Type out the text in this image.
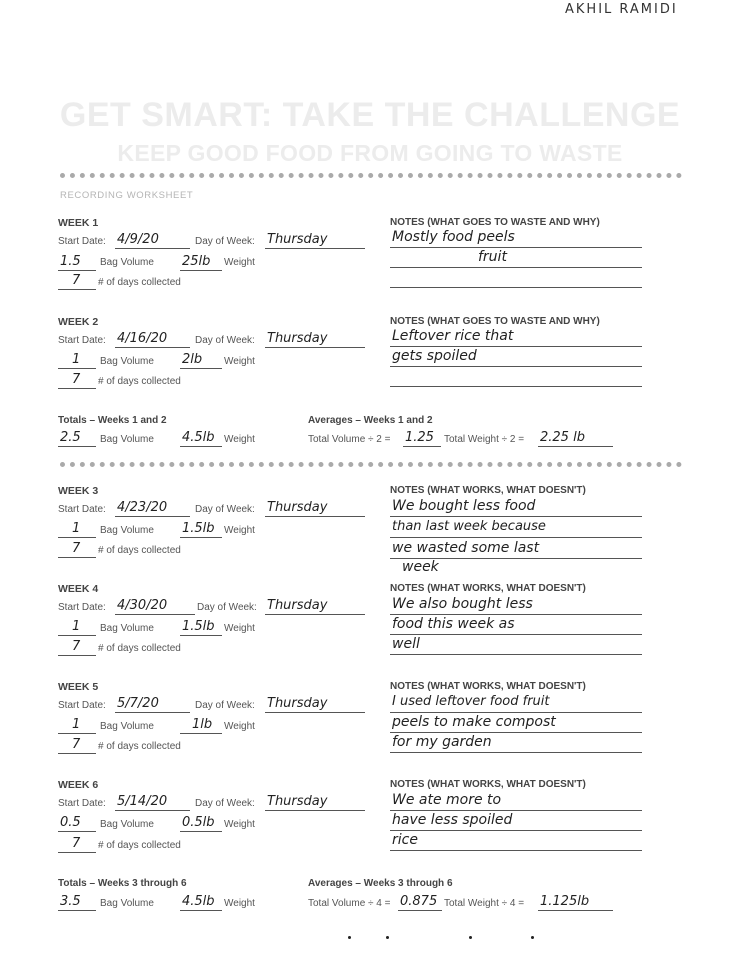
AKHIL RAMIDI
GET SMART: TAKE THE CHALLENGE
KEEP GOOD FOOD FROM GOING TO WASTE
RECORDING WORKSHEET
WEEK 1
Start Date: 4/9/20	Day of Week: Thursday
1.5 Bag Volume 25lb Weight
7 # of days collected
NOTES (WHAT GOES TO WASTE AND WHY)
Mostly food peels
fruit
WEEK 2
Start Date: 4/16/20	Day of Week: Thursday
1 Bag Volume 2lb Weight
7 # of days collected
NOTES (WHAT GOES TO WASTE AND WHY)
Leftover rice that
gets spoiled
Totals – Weeks 1 and 2
2.5 Bag Volume 4.5lb Weight
Averages – Weeks 1 and 2
Total Volume ÷ 2 = 1.25 Total Weight ÷ 2 = 2.25 lb
WEEK 3
Start Date: 4/23/20	Day of Week: Thursday
1 Bag Volume 1.5lb Weight
7 # of days collected
NOTES (WHAT WORKS, WHAT DOESN'T)
We bought less food
than last week because
we wasted some last
week
WEEK 4
Start Date: 4/30/20	Day of Week: Thursday
1 Bag Volume 1.5lb Weight
7 # of days collected
NOTES (WHAT WORKS, WHAT DOESN'T)
We also bought less
food this week as
well
WEEK 5
Start Date: 5/7/20	Day of Week: Thursday
1 Bag Volume	1lb Weight
7 # of days collected
NOTES (WHAT WORKS, WHAT DOESN'T)
I used leftover food fruit
peels to make compost
for my garden
WEEK 6
Start Date: 5/14/20	Day of Week: Thursday
0.5 Bag Volume 0.5lb Weight
7 # of days collected
NOTES (WHAT WORKS, WHAT DOESN'T)
We ate more to
have less spoiled
rice
Totals – Weeks 3 through 6
3.5 Bag Volume 4.5lb Weight
Averages – Weeks 3 through 6
Total Volume ÷ 4 = 0.875 Total Weight ÷ 4 = 1.125lb
